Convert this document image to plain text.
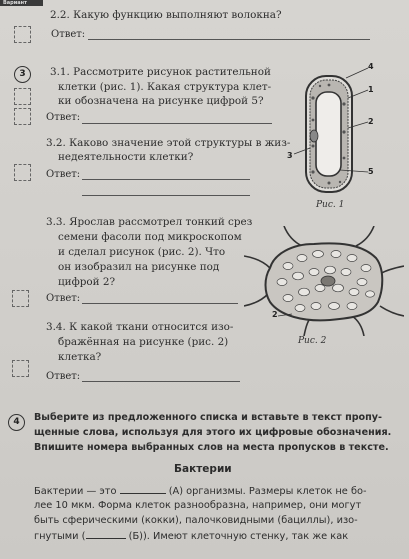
Вариант
2.2. Какую функцию выполняют волокна?
Ответ:
3	3.1. Рассмотрите рисунок растительной
клетки (рис. 1). Какая структура клет-
ки обозначена на рисунке цифрой 5?
Ответ:
3.2. Каково значение этой структуры в жиз-
недеятельности клетки?
Ответ:
4
1
2
3
5
Рис. 1
3.3. Ярослав рассмотрел тонкий срез
семени фасоли под микроскопом
и сделал рисунок (рис. 2). Что
он изобразил на рисунке под
цифрой 2?
Ответ:
2
Рис. 2
3.4. К какой ткани относится изо-
бражённая на рисунке (рис. 2)
клетка?
Ответ:
4	Выберите из предложенного списка и вставьте в текст пропу-
щенные слова, используя для этого их цифровые обозначения.
Впишите номера выбранных слов на места пропусков в тексте.
Бактерии
Бактерии — это	(А) организмы. Размеры клеток не бо-
лее 10 мкм. Форма клеток разнообразна, например, они могут
быть сферическими (кокки), палочковидными (бациллы), изо-
гнутыми (	(Б)). Имеют клеточную стенку, так же как
